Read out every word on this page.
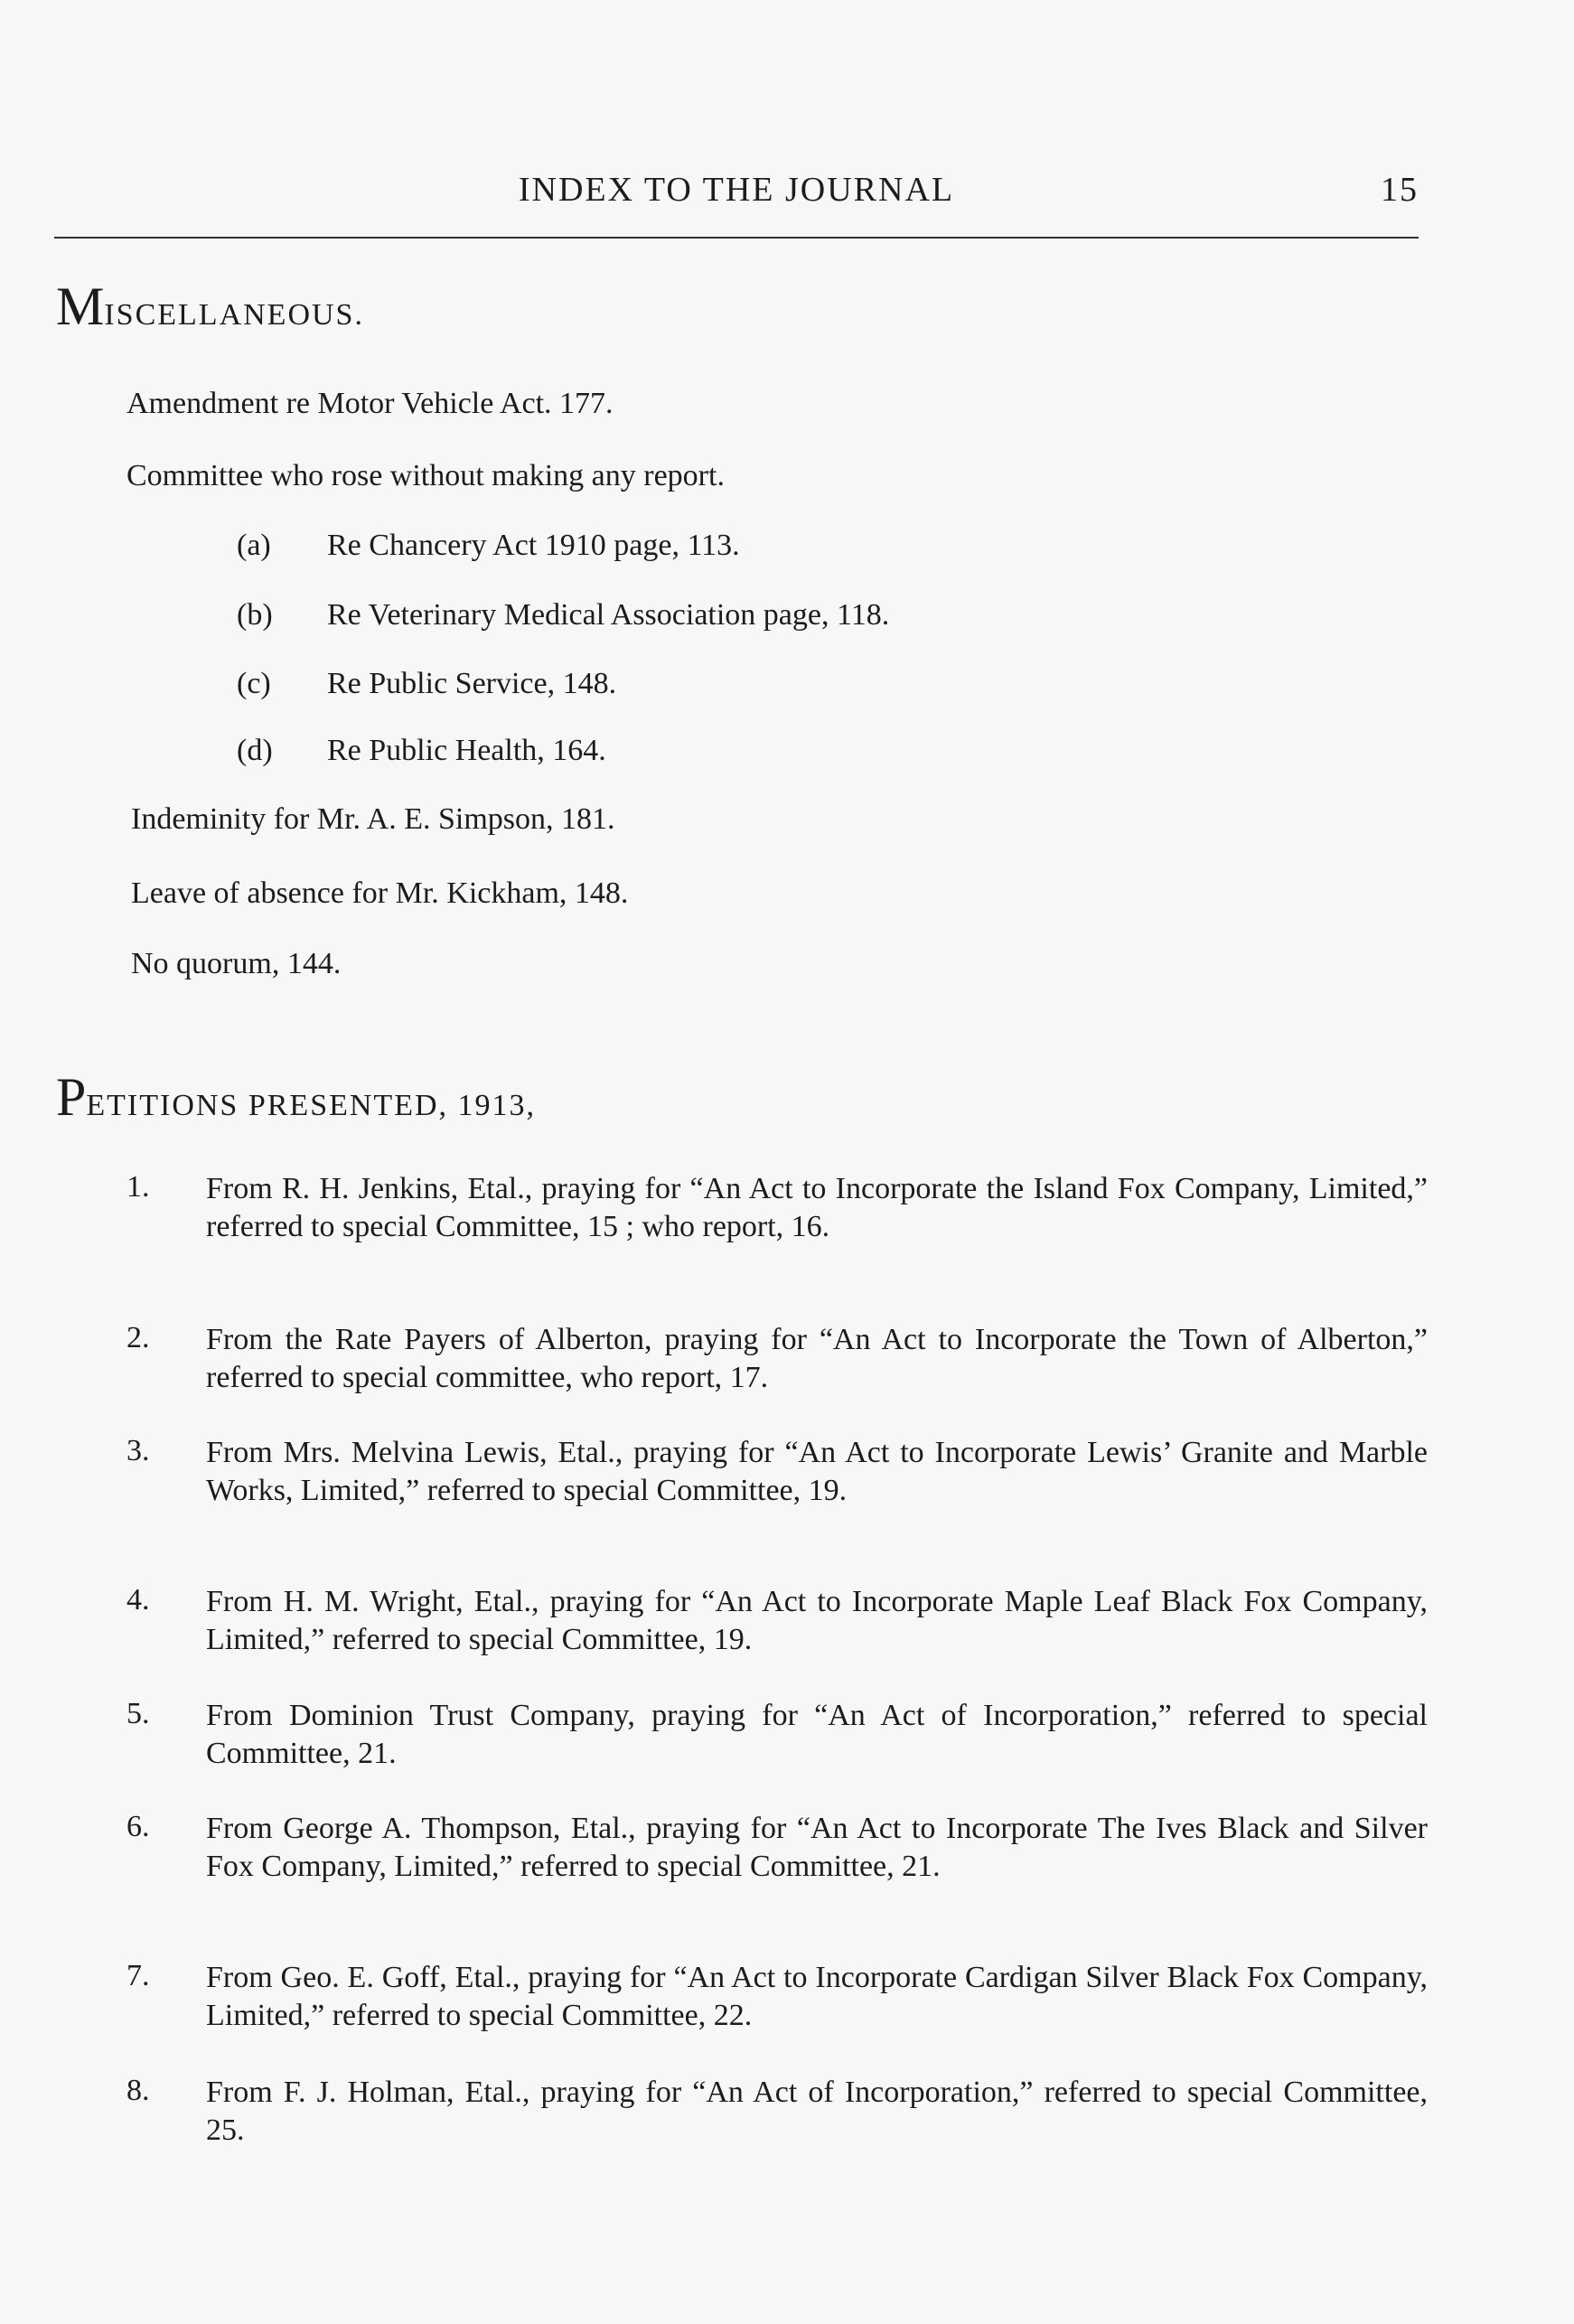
INDEX TO THE JOURNAL	15
MISCELLANEOUS.
Amendment re Motor Vehicle Act. 177.
Committee who rose without making any report.
(a) Re Chancery Act 1910 page, 113.
(b) Re Veterinary Medical Association page, 118.
(c) Re Public Service, 148.
(d) Re Public Health, 164.
Indeminity for Mr. A. E. Simpson, 181.
Leave of absence for Mr. Kickham, 148.
No quorum, 144.
PETITIONS PRESENTED, 1913,
1.	From R. H. Jenkins, Etal., praying for “An Act to Incorporate the Island Fox Company, Limited,” referred to special Committee, 15 ; who report, 16.
2.	From the Rate Payers of Alberton, praying for “An Act to Incorporate the Town of Alberton,” referred to special committee, who report, 17.
3.	From Mrs. Melvina Lewis, Etal., praying for “An Act to Incorporate Lewis’ Granite and Marble Works, Limited,” referred to special Committee, 19.
4.	From H. M. Wright, Etal., praying for “An Act to Incorporate Maple Leaf Black Fox Company, Limited,” referred to special Committee, 19.
5.	From Dominion Trust Company, praying for “An Act of Incorporation,” referred to special Committee, 21.
6.	From George A. Thompson, Etal., praying for “An Act to Incorporate The Ives Black and Silver Fox Company, Limited,” referred to special Committee, 21.
7.	From Geo. E. Goff, Etal., praying for “An Act to Incorporate Cardigan Silver Black Fox Company, Limited,” referred to special Committee, 22.
8.	From F. J. Holman, Etal., praying for “An Act of Incorporation,” referred to special Committee, 25.
